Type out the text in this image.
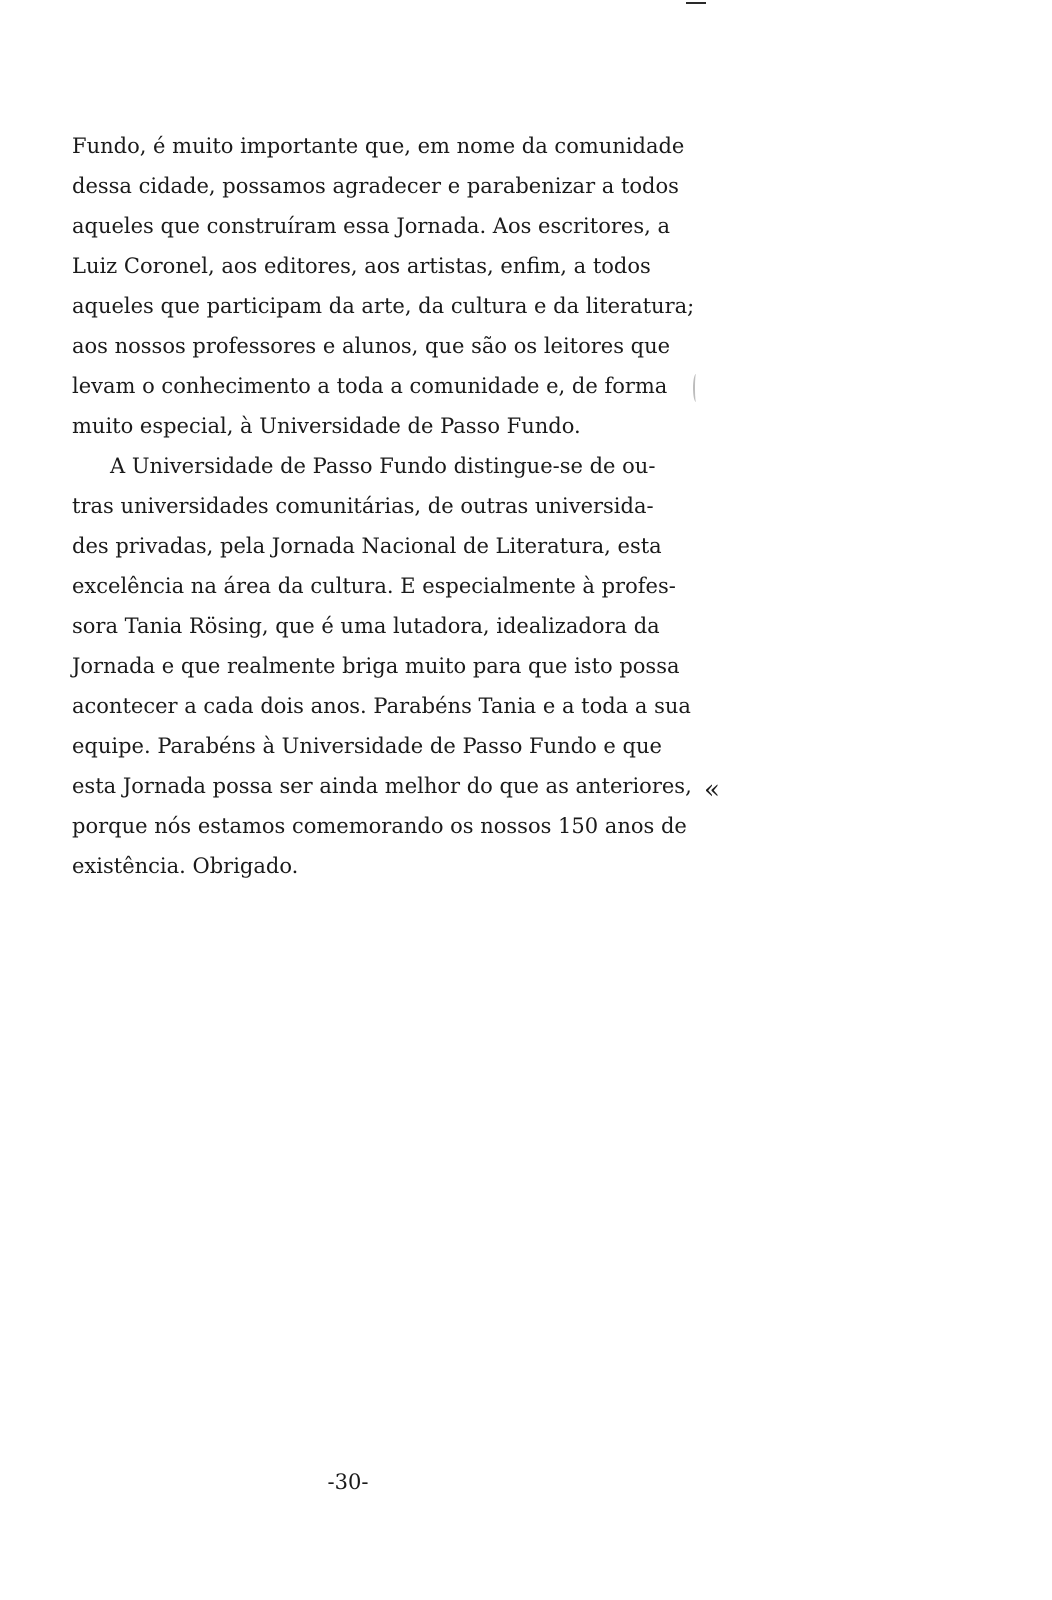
Fundo, é muito importante que, em nome da comunidade
dessa cidade, possamos agradecer e parabenizar a todos
aqueles que construíram essa Jornada. Aos escritores, a
Luiz Coronel, aos editores, aos artistas, enfim, a todos
aqueles que participam da arte, da cultura e da literatura;
aos nossos professores e alunos, que são os leitores que
levam o conhecimento a toda a comunidade e, de forma
muito especial, à Universidade de Passo Fundo.
A Universidade de Passo Fundo distingue-se de ou-
tras universidades comunitárias, de outras universida-
des privadas, pela Jornada Nacional de Literatura, esta
excelência na área da cultura. E especialmente à profes-
sora Tania Rösing, que é uma lutadora, idealizadora da
Jornada e que realmente briga muito para que isto possa
acontecer a cada dois anos. Parabéns Tania e a toda a sua
equipe. Parabéns à Universidade de Passo Fundo e que
esta Jornada possa ser ainda melhor do que as anteriores,
porque nós estamos comemorando os nossos 150 anos de
existência. Obrigado.
«
-30-
